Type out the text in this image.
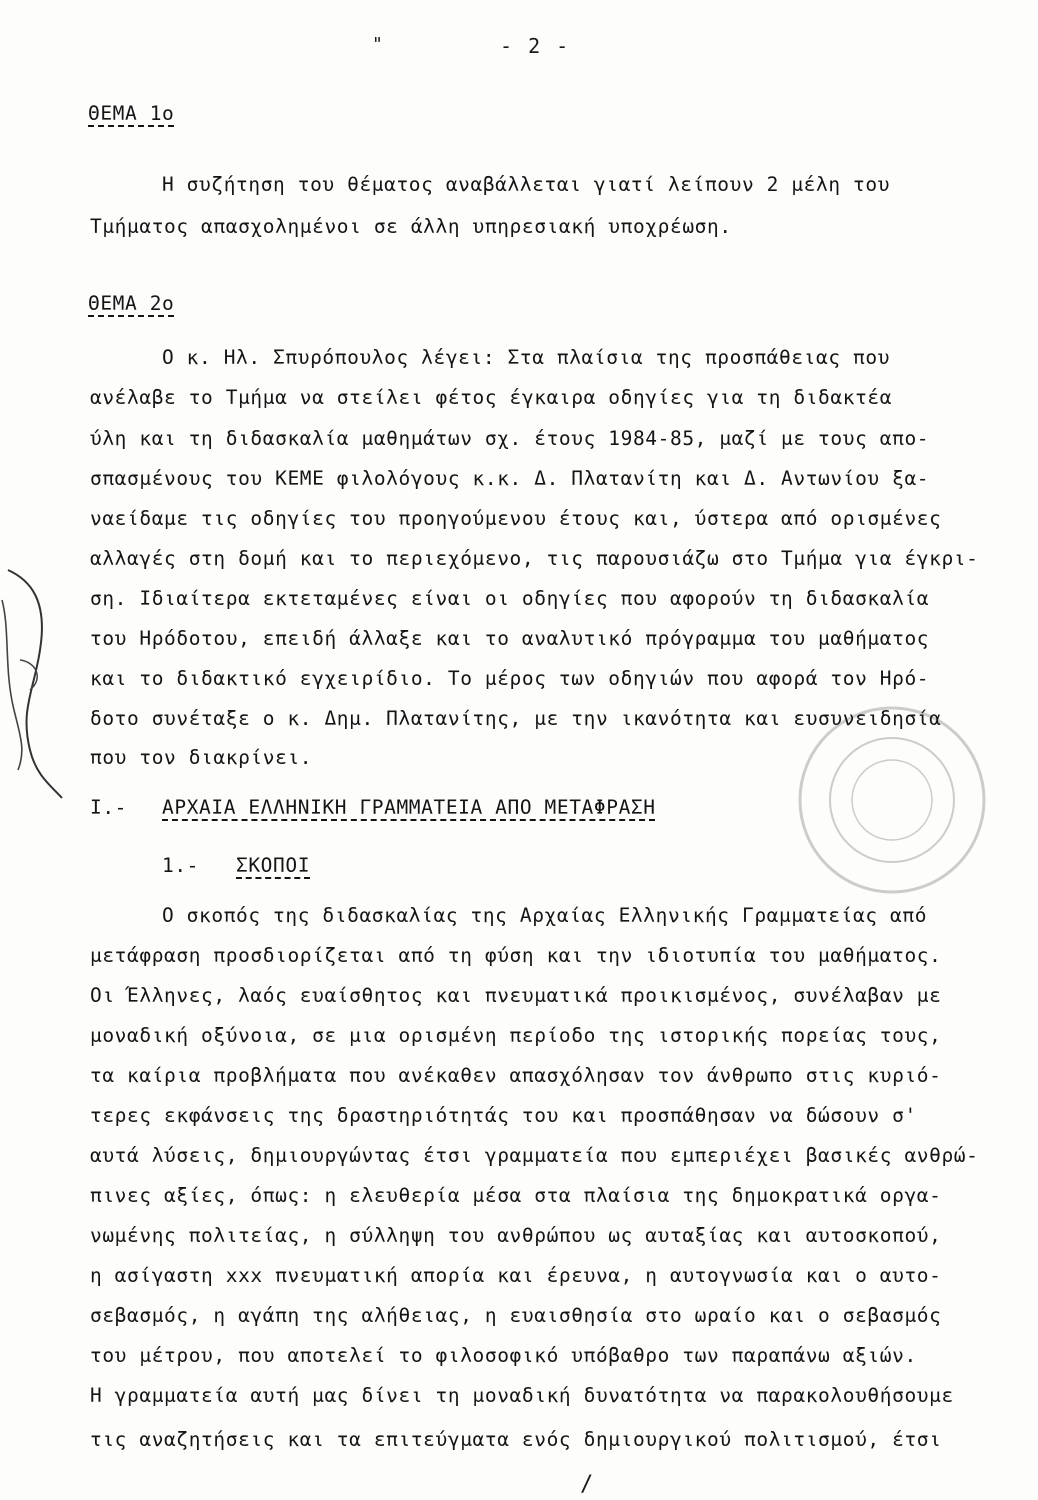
"	- 2 -
ΘΕΜΑ 1ο
Η συζήτηση του θέματος αναβάλλεται γιατί λείπουν 2 μέλη του
Τμήματος απασχολημένοι σε άλλη υπηρεσιακή υποχρέωση.
ΘΕΜΑ 2ο
Ο κ. Ηλ. Σπυρόπουλος λέγει: Στα πλαίσια της προσπάθειας που
ανέλαβε το Τμήμα να στείλει φέτος έγκαιρα οδηγίες για τη διδακτέα
ύλη και τη διδασκαλία μαθημάτων σχ. έτους 1984-85, μαζί με τους απο-
σπασμένους του ΚΕΜΕ φιλολόγους κ.κ. Δ. Πλατανίτη και Δ. Αντωνίου ξα-
ναείδαμε τις οδηγίες του προηγούμενου έτους και, ύστερα από ορισμένες
αλλαγές στη δομή και το περιεχόμενο, τις παρουσιάζω στο Τμήμα για έγκρι-
ση. Ιδιαίτερα εκτεταμένες είναι οι οδηγίες που αφορούν τη διδασκαλία
του Ηρόδοτου, επειδή άλλαξε και το αναλυτικό πρόγραμμα του μαθήματος
και το διδακτικό εγχειρίδιο. Το μέρος των οδηγιών που αφορά τον Ηρό-
δοτο συνέταξε ο κ. Δημ. Πλατανίτης, με την ικανότητα και ευσυνειδησία
που τον διακρίνει.
Ι.- ΑΡΧΑΙΑ ΕΛΛΗΝΙΚΗ ΓΡΑΜΜΑΤΕΙΑ ΑΠΟ ΜΕΤΑΦΡΑΣΗ
1.- ΣΚΟΠΟΙ
Ο σκοπός της διδασκαλίας της Αρχαίας Ελληνικής Γραμματείας από
μετάφραση προσδιορίζεται από τη φύση και την ιδιοτυπία του μαθήματος.
Οι Έλληνες, λαός ευαίσθητος και πνευματικά προικισμένος, συνέλαβαν με
μοναδική οξύνοια, σε μια ορισμένη περίοδο της ιστορικής πορείας τους,
τα καίρια προβλήματα που ανέκαθεν απασχόλησαν τον άνθρωπο στις κυριό-
τερες εκφάνσεις της δραστηριότητάς του και προσπάθησαν να δώσουν σ'
αυτά λύσεις, δημιουργώντας έτσι γραμματεία που εμπεριέχει βασικές ανθρώ-
πινες αξίες, όπως: η ελευθερία μέσα στα πλαίσια της δημοκρατικά οργα-
νωμένης πολιτείας, η σύλληψη του ανθρώπου ως αυταξίας και αυτοσκοπού,
η ασίγαστη xxx πνευματική απορία και έρευνα, η αυτογνωσία και ο αυτο-
σεβασμός, η αγάπη της αλήθειας, η ευαισθησία στο ωραίο και ο σεβασμός
του μέτρου, που αποτελεί το φιλοσοφικό υπόβαθρο των παραπάνω αξιών.
Η γραμματεία αυτή μας δίνει τη μοναδική δυνατότητα να παρακολουθήσουμε
τις αναζητήσεις και τα επιτεύγματα ενός δημιουργικού πολιτισμού, έτσι
/
